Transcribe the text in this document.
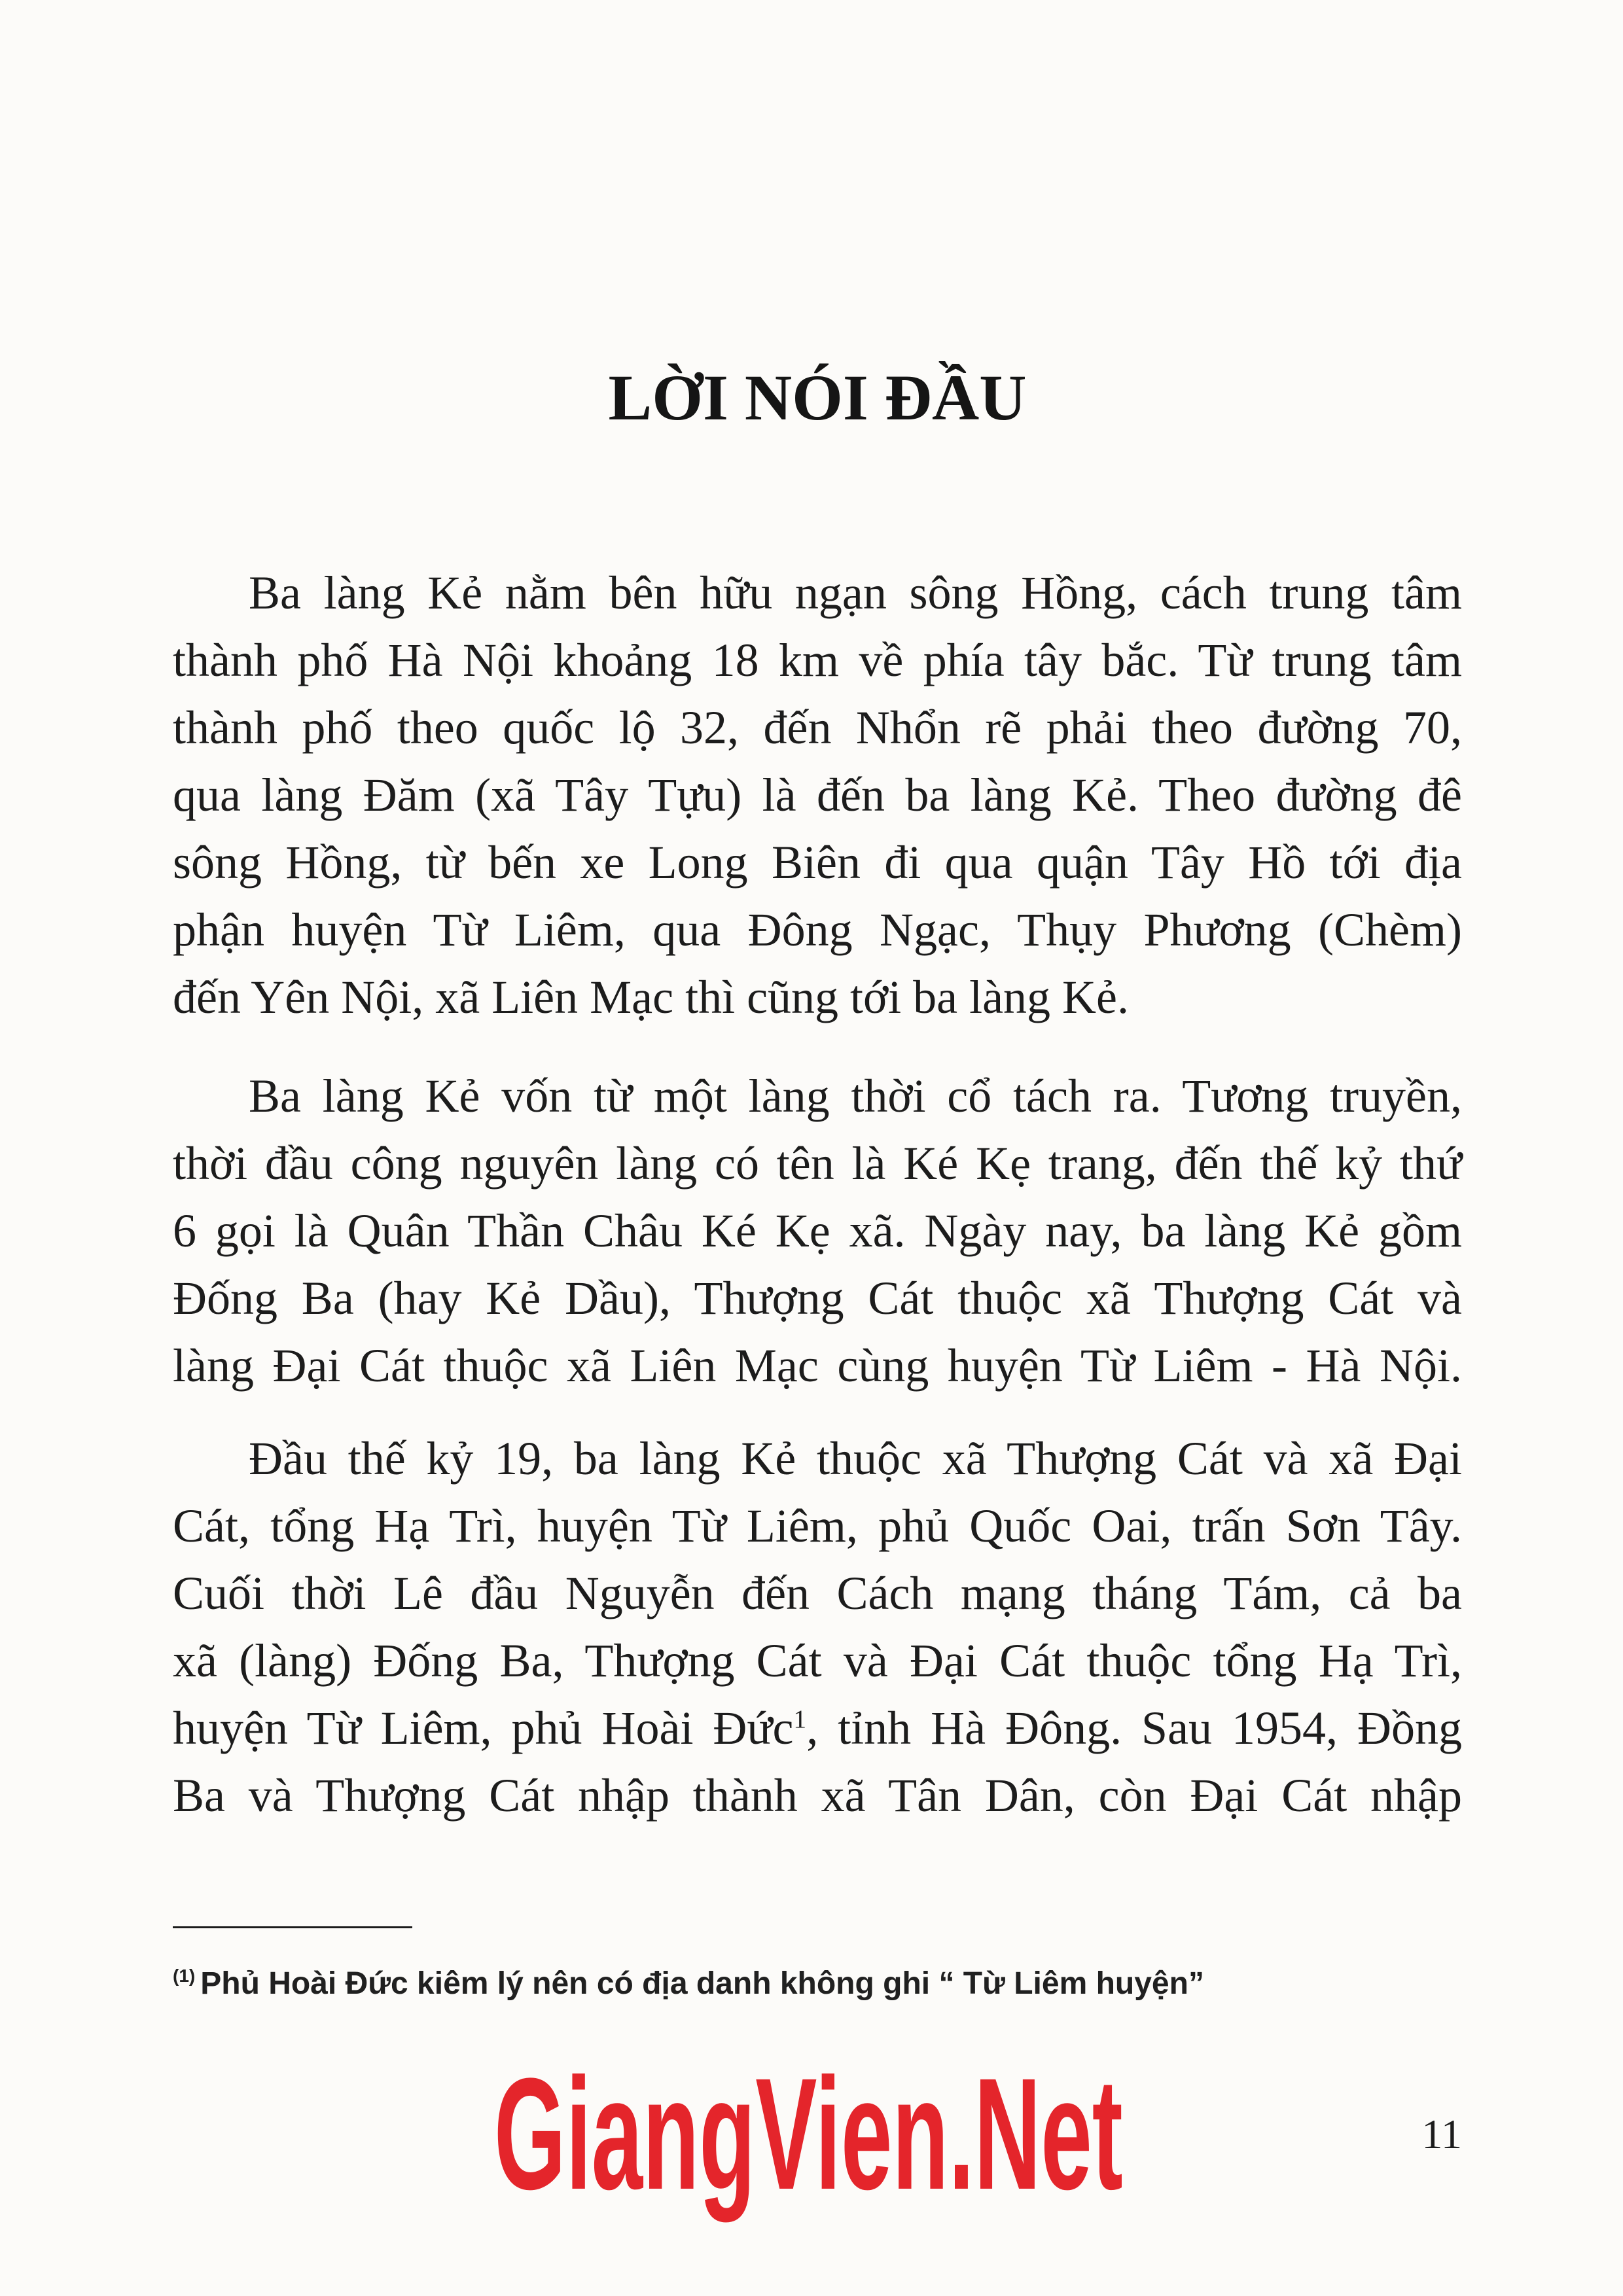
LỜI NÓI ĐẦU
Ba làng Kẻ nằm bên hữu ngạn sông Hồng, cách trung tâm
thành phố Hà Nội khoảng 18 km về phía tây bắc. Từ trung tâm
thành phố theo quốc lộ 32, đến Nhổn rẽ phải theo đường 70,
qua làng Đăm (xã Tây Tựu) là đến ba làng Kẻ. Theo đường đê
sông Hồng, từ bến xe Long Biên đi qua quận Tây Hồ tới địa
phận huyện Từ Liêm, qua Đông Ngạc, Thụy Phương (Chèm)
đến Yên Nội, xã Liên Mạc thì cũng tới ba làng Kẻ.
Ba làng Kẻ vốn từ một làng thời cổ tách ra. Tương truyền,
thời đầu công nguyên làng có tên là Ké Kẹ trang, đến thế kỷ thứ
6 gọi là Quân Thần Châu Ké Kẹ xã. Ngày nay, ba làng Kẻ gồm
Đống Ba (hay Kẻ Dầu), Thượng Cát thuộc xã Thượng Cát và
làng Đại Cát thuộc xã Liên Mạc cùng huyện Từ Liêm - Hà Nội.
Đầu thế kỷ 19, ba làng Kẻ thuộc xã Thượng Cát và xã Đại
Cát, tổng Hạ Trì, huyện Từ Liêm, phủ Quốc Oai, trấn Sơn Tây.
Cuối thời Lê đầu Nguyễn đến Cách mạng tháng Tám, cả ba
xã (làng) Đống Ba, Thượng Cát và Đại Cát thuộc tổng Hạ Trì,
huyện Từ Liêm, phủ Hoài Đức$^1$, tỉnh Hà Đông. Sau 1954, Đồng
Ba và Thượng Cát nhập thành xã Tân Dân, còn Đại Cát nhập
$^{(1)}$ Phủ Hoài Đức kiêm lý nên có địa danh không ghi “ Từ Liêm huyện”
GiangVien.Net	11
